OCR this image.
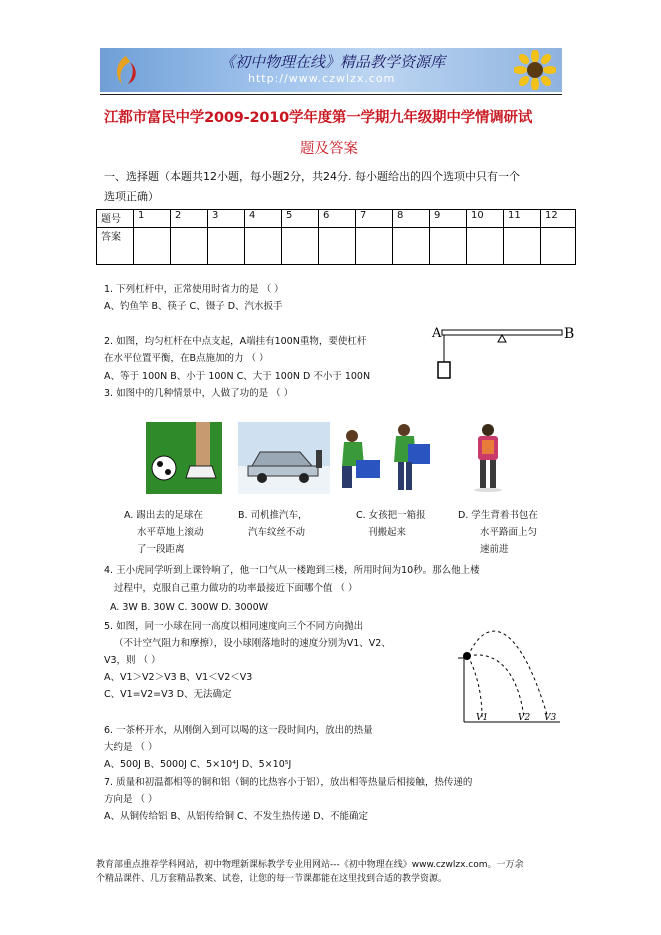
《初中物理在线》精品教学资源库
http://www.czwlzx.com
江都市富民中学2009-2010学年度第一学期九年级期中学情调研试
题及答案
一、选择题（本题共12小题，每小题2分，共24分. 每小题给出的四个选项中只有一个
选项正确）
题号	1	2	3	4	5	6	7	8	9	10	11	12
答案												
1. 下列杠杆中，正常使用时省力的是 （ ）
A、钓鱼竿 B、筷子 C、镊子 D、汽水扳手
2. 如图，均匀杠杆在中点支起，A端挂有100N重物，要使杠杆
在水平位置平衡，在B点施加的力 （ ）
A、等于 100N B、小于 100N C、大于 100N D 不小于 100N
A	B
3. 如图中的几种情景中，人做了功的是 （ ）
A. 踢出去的足球在
水平草地上滚动
了一段距离
B. 司机推汽车，
汽车纹丝不动
C. 女孩把一箱报
刊搬起来
D. 学生背着书包在
水平路面上匀
速前进
4. 王小虎同学听到上课铃响了，他一口气从一楼跑到三楼，所用时间为10秒。那么他上楼
过程中，克服自己重力做功的功率最接近下面哪个值 （ ）
A. 3W B. 30W C. 300W D. 3000W
5. 如图，同一小球在同一高度以相同速度向三个不同方向抛出
（不计空气阻力和摩擦），设小球刚落地时的速度分别为V1、V2、
V3，则 （ ）
A、V1＞V2＞V3 B、V1＜V2＜V3
C、V1=V2=V3 D、无法确定
V1	V2 V3
6. 一茶杯开水，从刚倒入到可以喝的这一段时间内，放出的热量
大约是 （ ）
A、500J B、5000J C、5×10⁴J D、5×10⁵J
7. 质量和初温都相等的铜和铝（铜的比热容小于铝），放出相等热量后相接触，热传递的
方向是 （ ）
A、从铜传给铝 B、从铝传给铜 C、不发生热传递 D、不能确定
教育部重点推荐学科网站，初中物理新课标教学专业用网站---《初中物理在线》www.czwlzx.com。一万余
个精品课件、几万套精品教案、试卷，让您的每一节课都能在这里找到合适的教学资源。
